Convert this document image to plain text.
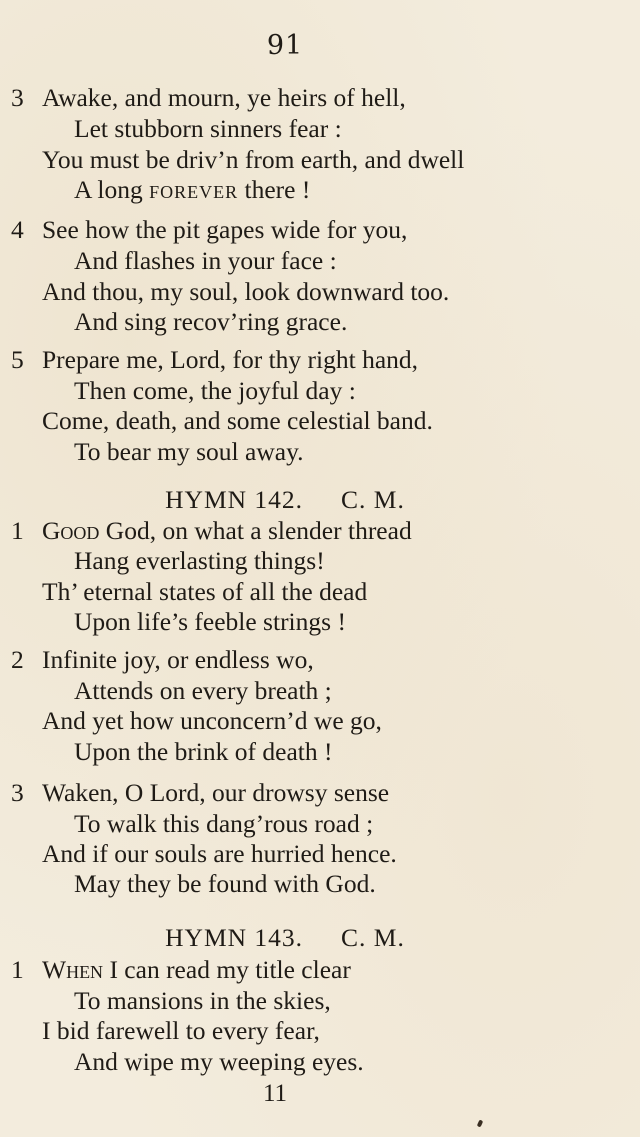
91
3 Awake, and mourn, ye heirs of hell,
Let stubborn sinners fear :
You must be driv’n from earth, and dwell
A long forever there !
4 See how the pit gapes wide for you,
And flashes in your face :
And thou, my soul, look downward too.
And sing recov’ring grace.
5 Prepare me, Lord, for thy right hand,
Then come, the joyful day :
Come, death, and some celestial band.
To bear my soul away.
HYMN 142. C. M.
1 Good God, on what a slender thread
Hang everlasting things!
Th’ eternal states of all the dead
Upon life’s feeble strings !
2 Infinite joy, or endless wo,
Attends on every breath ;
And yet how unconcern’d we go,
Upon the brink of death !
3 Waken, O Lord, our drowsy sense
To walk this dang’rous road ;
And if our souls are hurried hence.
May they be found with God.
HYMN 143. C. M.
1 When I can read my title clear
To mansions in the skies,
I bid farewell to every fear,
And wipe my weeping eyes.
11
